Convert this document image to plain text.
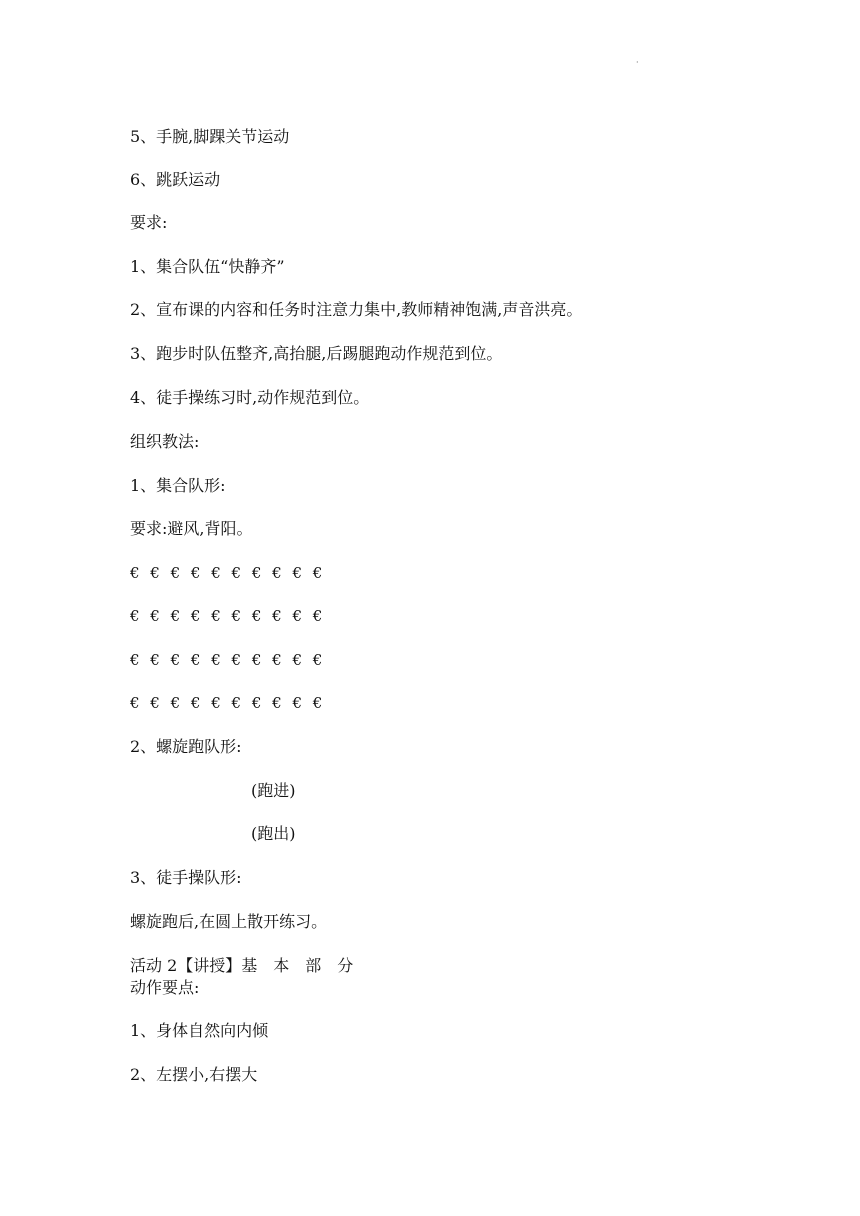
·
5、手腕,脚踝关节运动
6、跳跃运动
要求:
1、集合队伍“快静齐”
2、宣布课的内容和任务时注意力集中,教师精神饱满,声音洪亮。
3、跑步时队伍整齐,高抬腿,后踢腿跑动作规范到位。
4、徒手操练习时,动作规范到位。
组织教法:
1、集合队形:
要求:避风,背阳。
€ € € € € € € € € €
€ € € € € € € € € €
€ € € € € € € € € €
€ € € € € € € € € €
2、螺旋跑队形:
(跑进)
(跑出)
3、徒手操队形:
螺旋跑后,在圆上散开练习。
活动 2【讲授】基　本　部　分
动作要点:
1、身体自然向内倾
2、左摆小,右摆大
